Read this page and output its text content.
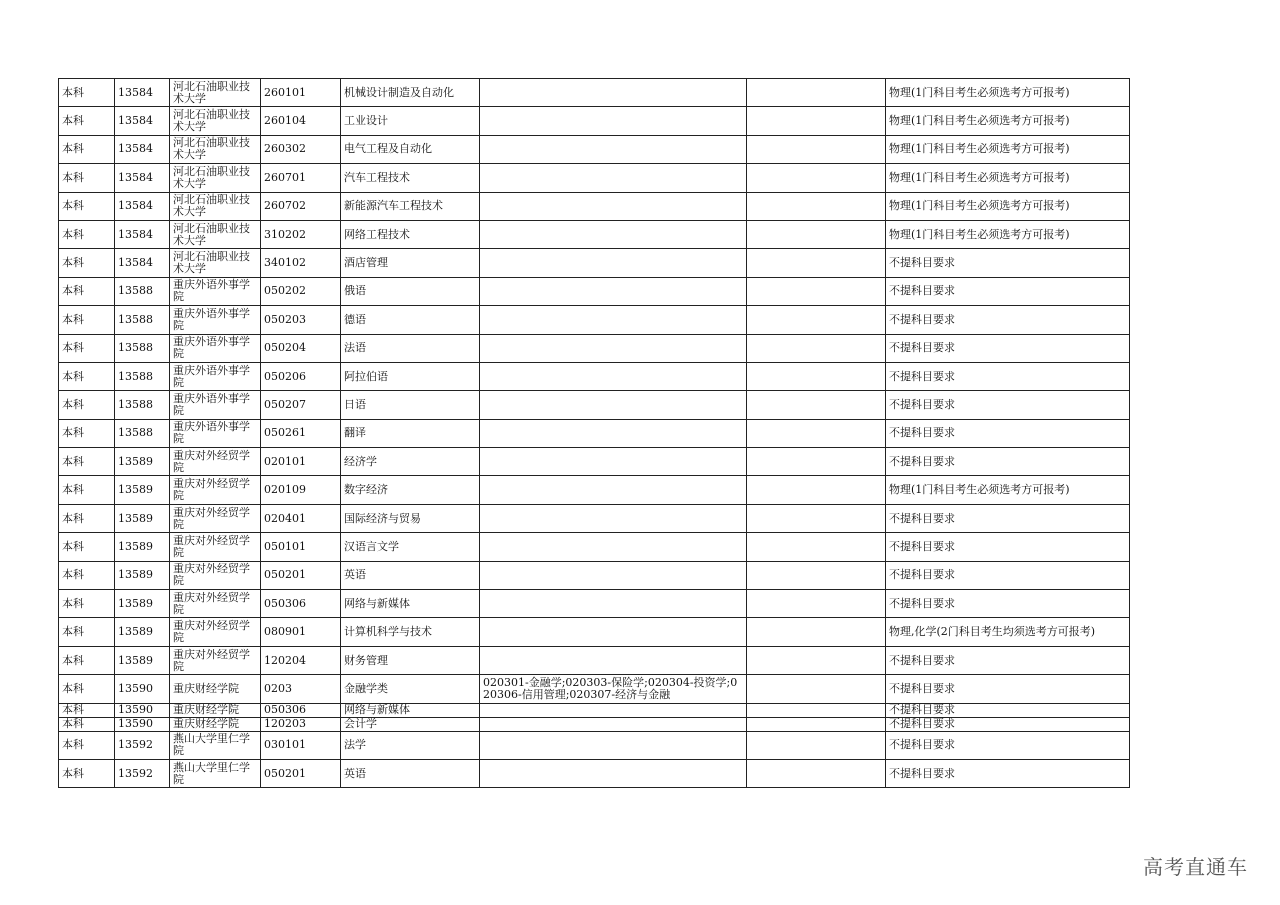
本科	13584	河北石油职业技术大学	260101	机械设计制造及自动化			物理(1门科目考生必须选考方可报考)
本科	13584	河北石油职业技术大学	260104	工业设计			物理(1门科目考生必须选考方可报考)
本科	13584	河北石油职业技术大学	260302	电气工程及自动化			物理(1门科目考生必须选考方可报考)
本科	13584	河北石油职业技术大学	260701	汽车工程技术			物理(1门科目考生必须选考方可报考)
本科	13584	河北石油职业技术大学	260702	新能源汽车工程技术			物理(1门科目考生必须选考方可报考)
本科	13584	河北石油职业技术大学	310202	网络工程技术			物理(1门科目考生必须选考方可报考)
本科	13584	河北石油职业技术大学	340102	酒店管理			不提科目要求
本科	13588	重庆外语外事学院	050202	俄语			不提科目要求
本科	13588	重庆外语外事学院	050203	德语			不提科目要求
本科	13588	重庆外语外事学院	050204	法语			不提科目要求
本科	13588	重庆外语外事学院	050206	阿拉伯语			不提科目要求
本科	13588	重庆外语外事学院	050207	日语			不提科目要求
本科	13588	重庆外语外事学院	050261	翻译			不提科目要求
本科	13589	重庆对外经贸学院	020101	经济学			不提科目要求
本科	13589	重庆对外经贸学院	020109	数字经济			物理(1门科目考生必须选考方可报考)
本科	13589	重庆对外经贸学院	020401	国际经济与贸易			不提科目要求
本科	13589	重庆对外经贸学院	050101	汉语言文学			不提科目要求
本科	13589	重庆对外经贸学院	050201	英语			不提科目要求
本科	13589	重庆对外经贸学院	050306	网络与新媒体			不提科目要求
本科	13589	重庆对外经贸学院	080901	计算机科学与技术			物理,化学(2门科目考生均须选考方可报考)
本科	13589	重庆对外经贸学院	120204	财务管理			不提科目要求
本科	13590	重庆财经学院	0203	金融学类	020301-金融学;020303-保险学;020304-投资学;020306-信用管理;020307-经济与金融		不提科目要求
本科	13590	重庆财经学院	050306	网络与新媒体			不提科目要求
本科	13590	重庆财经学院	120203	会计学			不提科目要求
本科	13592	燕山大学里仁学院	030101	法学			不提科目要求
本科	13592	燕山大学里仁学院	050201	英语			不提科目要求
高考直通车
